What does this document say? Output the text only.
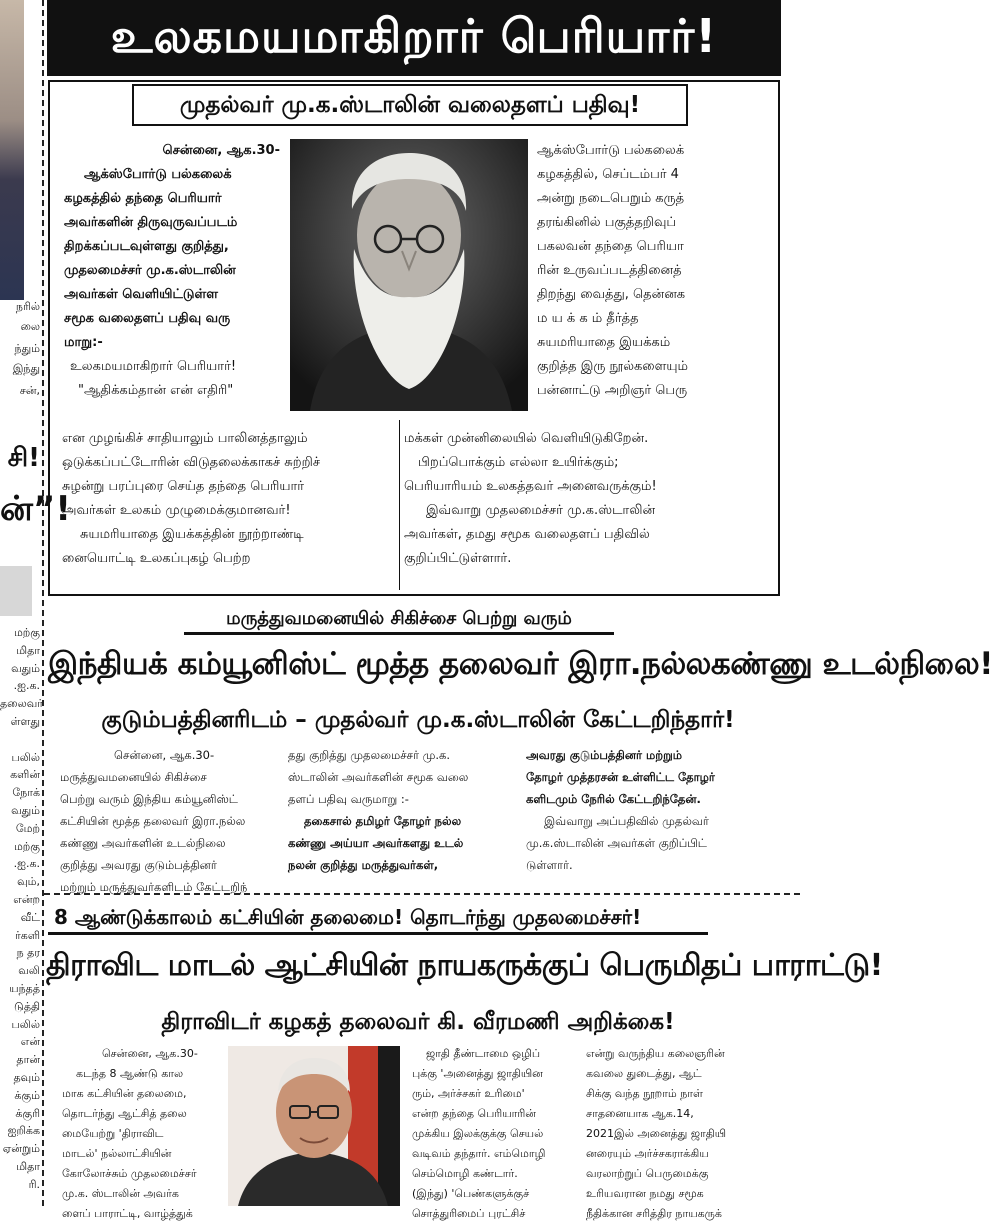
நரில்
லை
ந்தும்
இந்து
சன்,
சி!
ன்”!
மற்கு
மிதா
வதும்
.ஐ.க.
தலைவர்
ள்ளது
பலில்
களின்
நோக்
வதும்
மேற்
மற்கு
.ஐ.க.
வும்,
என்ற
வீட்
ர்களி
ந தர
வலி
யந்தத்
டுத்தி
பலில்
என்
தான்
தவும்
க்கும்
க்குரி
ஐறிக்க
ஏன்றும்
மிதா
ரி.
உலகமயமாகிறார் பெரியார்!
முதல்வர் மு.க.ஸ்டாலின் வலைதளப் பதிவு!

சென்னை, ஆக.30-

ஆக்ஸ்போர்டு பல்கலைக்

கழகத்தில் தந்தை பெரியார்

அவர்களின் திருவுருவப்படம்

திறக்கப்படவுள்ளது குறித்து,

முதலமைச்சர் மு.க.ஸ்டாலின்

அவர்கள் வெளியிட்டுள்ள

சமூக வலைதளப் பதிவு வரு

மாறு:-

உலகமயமாகிறார் பெரியார்!

"ஆதிக்கம்தான் என் எதிரி"

ஆக்ஸ்போர்டு பல்கலைக்

கழகத்தில், செப்டம்பர் 4

அன்று நடைபெறும் கருத்

தரங்கினில் பகுத்தறிவுப்

பகலவன் தந்தை பெரியா

ரின் உருவப்படத்தினைத்

திறந்து வைத்து, தென்னக

ம ய க் க ம் தீர்த்த

சுயமரியாதை இயக்கம்

குறித்த இரு நூல்களையும்

பன்னாட்டு அறிஞர் பெரு

என முழங்கிச் சாதியாலும் பாலினத்தாலும்

ஒடுக்கப்பட்டோரின் விடுதலைக்காகச் சுற்றிச்

சுழன்று பரப்புரை செய்த தந்தை பெரியார்

அவர்கள் உலகம் முழுமைக்குமானவர்!

சுயமரியாதை இயக்கத்தின் நூற்றாண்டி

னையொட்டி உலகப்புகழ் பெற்ற

மக்கள் முன்னிலையில் வெளியிடுகிறேன்.

பிறப்பொக்கும் எல்லா உயிர்க்கும்;

பெரியாரியம் உலகத்தவர் அனைவருக்கும்!

இவ்வாறு முதலமைச்சர் மு.க.ஸ்டாலின்

அவர்கள், தமது சமூக வலைதளப் பதிவில்

குறிப்பிட்டுள்ளார்.

மருத்துவமனையில் சிகிச்சை பெற்று வரும்
இந்தியக் கம்யூனிஸ்ட் மூத்த தலைவர் இரா.நல்லகண்ணு உடல்நிலை!
குடும்பத்தினரிடம் – முதல்வர் மு.க.ஸ்டாலின் கேட்டறிந்தார்!

சென்னை, ஆக.30-

மருத்துவமனையில் சிகிச்சை

பெற்று வரும் இந்திய கம்யூனிஸ்ட்

கட்சியின் மூத்த தலைவர் இரா.நல்ல

கண்ணு அவர்களின் உடல்நிலை

குறித்து அவரது குடும்பத்தினர்

மற்றும் மருத்துவர்களிடம் கேட்டறிந்

தது குறித்து முதலமைச்சர் மு.க.

ஸ்டாலின் அவர்களின் சமூக வலை

தளப் பதிவு வருமாறு :-

தகைசால் தமிழர் தோழர் நல்ல

கண்ணு அய்யா அவர்களது உடல்

நலன் குறித்து மருத்துவர்கள்,

அவரது குடும்பத்தினர் மற்றும்

தோழர் முத்தரசன் உள்ளிட்ட தோழர்

களிடமும் நேரில் கேட்டறிந்தேன்.

இவ்வாறு அப்பதிவில் முதல்வர்

மு.க.ஸ்டாலின் அவர்கள் குறிப்பிட்

டுள்ளார்.

8 ஆண்டுக்காலம் கட்சியின் தலைமை! தொடர்ந்து முதலமைச்சர்!
திராவிட மாடல் ஆட்சியின் நாயகருக்குப் பெருமிதப் பாராட்டு!
திராவிடர் கழகத் தலைவர் கி. வீரமணி அறிக்கை!

சென்னை, ஆக.30-

கடந்த 8 ஆண்டு கால

மாக கட்சியின் தலைமை,

தொடர்ந்து ஆட்சித் தலை

மையேற்று 'திராவிட

மாடல்' நல்லாட்சியின்

கோலோச்சும் முதலமைச்சர்

மு.க. ஸ்டாலின் அவர்க

ளைப் பாராட்டி, வாழ்த்துக்

ஜாதி தீண்டாமை ஒழிப்

புக்கு 'அனைத்து ஜாதியின

ரும், அர்ச்சகர் உரிமை'

என்ற தந்தை பெரியாரின்

முக்கிய இலக்குக்கு செயல்

வடிவம் தந்தார். எம்மொழி

செம்மொழி கண்டார்.

(இந்து) 'பெண்களுக்குச்

சொத்துரிமைப் புரட்சிச்

என்று வருந்திய கலைஞரின்

கவலை துடைத்து, ஆட்

சிக்கு வந்த நூறாம் நாள்

சாதனையாக ஆக.14,

2021இல் அனைத்து ஜாதியி

னரையும் அர்ச்சகராக்கிய

வரலாற்றுப் பெருமைக்கு

உரியவரான நமது சமூக

நீதிக்கான சரித்திர நாயகருக்
